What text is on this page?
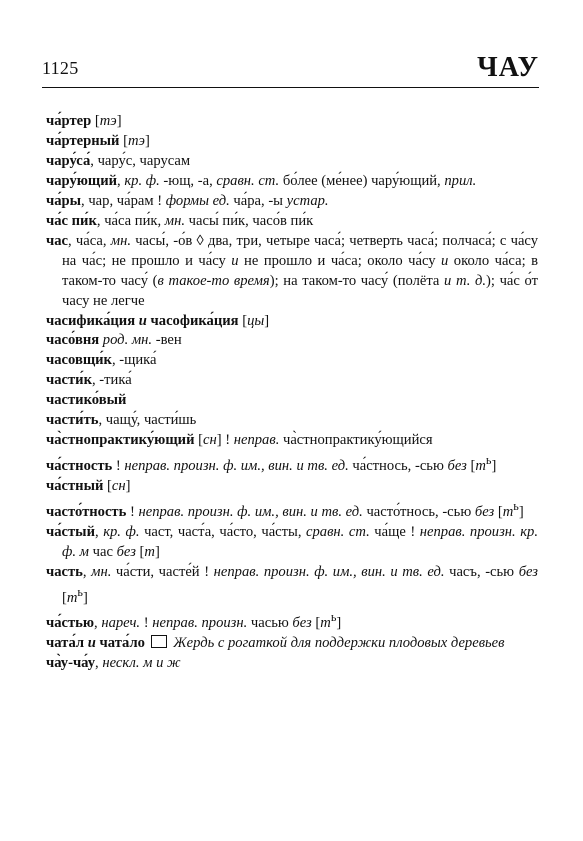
1125	ЧАУ

ча́ртер [тэ]

ча́ртерный [тэ]

чару́са́, чару́с, чарусам

чару́ющий, кр. ф. -ющ, -а, сравн. ст. бо́лее (ме́нее) чару́ющий, прил.

ча́ры, чар, ча́рам ! формы ед. ча́ра, -ы устар.

ча́с пи́к, ча́са пи́к, мн. часы́ пи́к, часо́в пи́к

час, ча́са, мн. часы́, -о́в ◊ два, три, четыре часа́; четверть часа́; полчаса́; с ча́су на ча́с; не прошло и ча́су и не прошло и ча́са; около ча́су и около ча́са; в таком-то часу́ (в такое-то время); на таком-то часу́ (полёта и т. д.); ча́с о́т часу не легче

часифика́ция и часофика́ция [цы]

часо́вня род. мн. -вен

часовщи́к, -щика́

части́к, -тика́

частико́вый

части́ть, чащу́, части́шь

ча̀стнопрактику́ющий [сн] ! неправ. ча̀стнопрактику́ющийся

ча́стность ! неправ. произн. ф. им., вин. и тв. ед. ча́стнось, -сью без $[т^ь]$

ча́стный [сн]

часто́тность ! неправ. произн. ф. им., вин. и тв. ед. часто́тнось, -сью без $[т^ь]$

ча́стый, кр. ф. част, част́а, ча́сто, ча́сты, сравн. ст. ча́ще ! неправ. произн. кр. ф. м час без [т]

часть, мн. ча́сти, часте́й ! неправ. произн. ф. им., вин. и тв. ед. часъ, -сью без $[т^ь]$

ча́стью, нареч. ! неправ. произн. часью без $[т^ь]$

чата́л и чата́ло Жердь с рогаткой для поддержки плодовых деревьев

ча̀у-ча́у, нескл. м и ж
